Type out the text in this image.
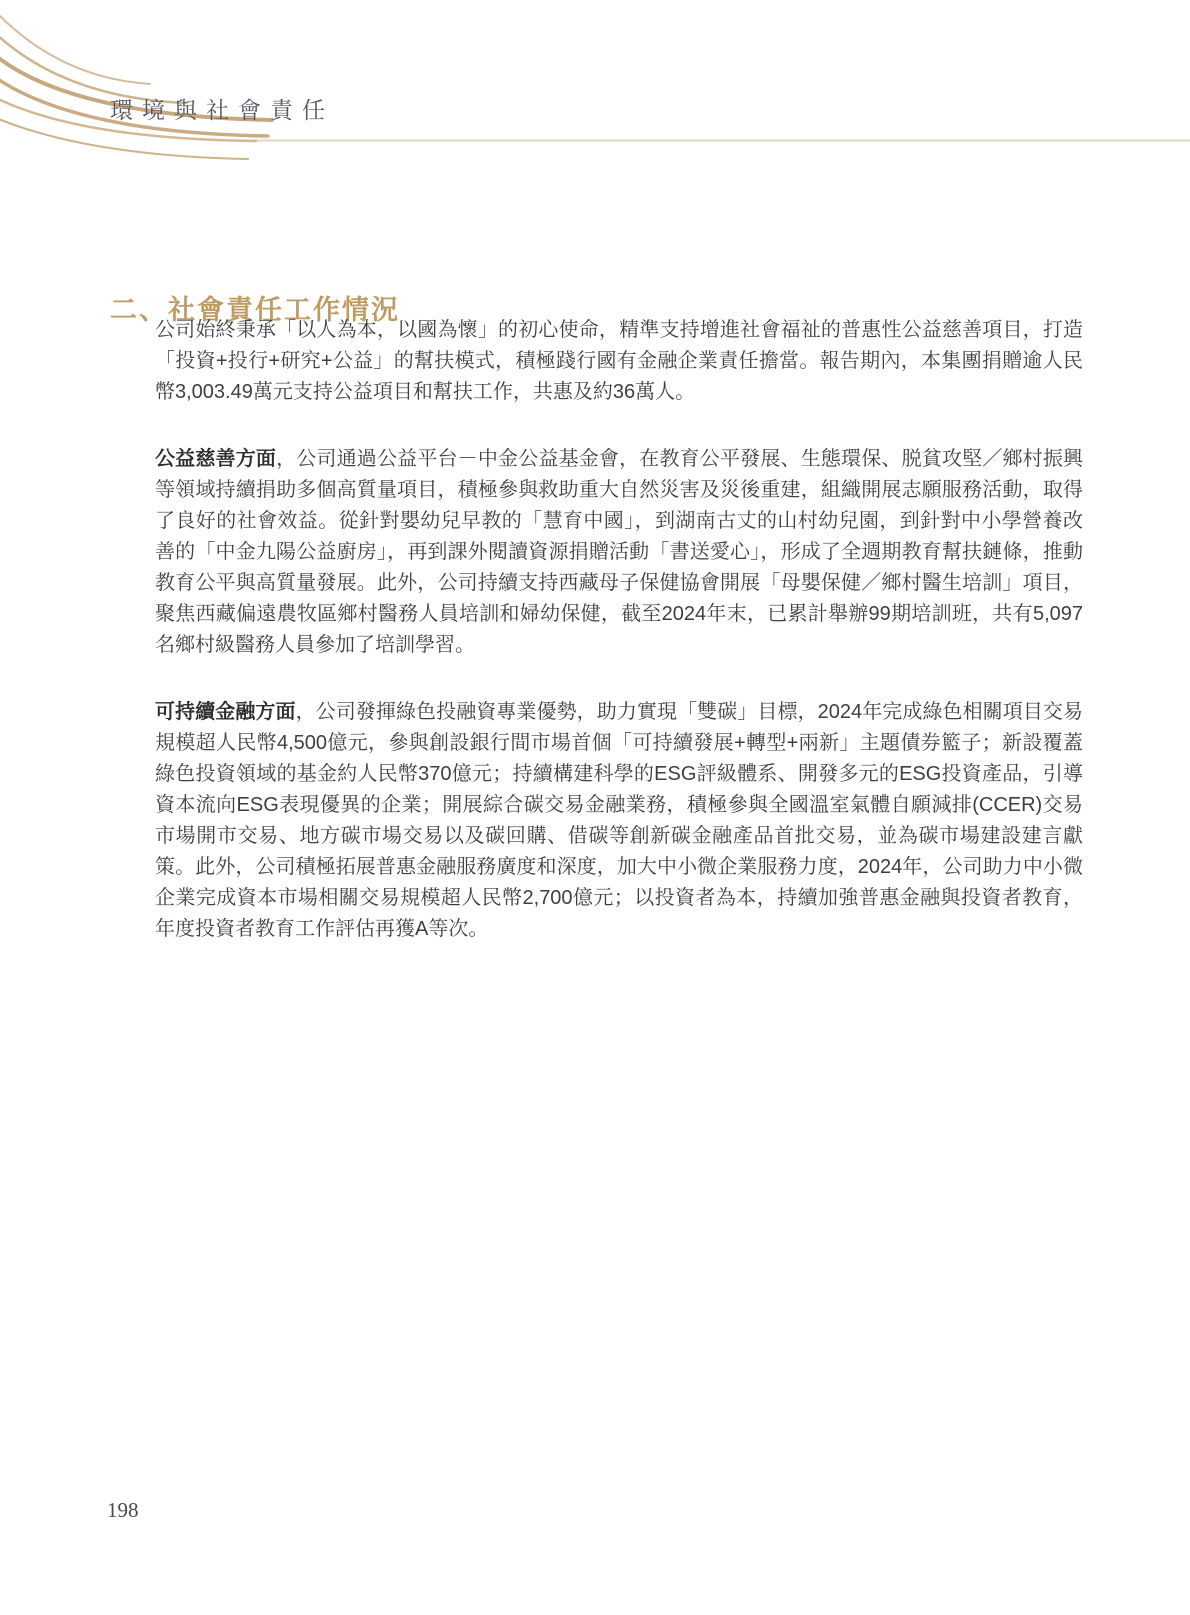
環境與社會責任
二、社會責任工作情況

公司始終秉承「以人為本，以國為懷」的初心使命，精準支持增進社會福祉的普惠性公益慈善項目，打造「投資+投行+研究+公益」的幫扶模式，積極踐行國有金融企業責任擔當。報告期內，本集團捐贈逾人民幣3,003.49萬元支持公益項目和幫扶工作，共惠及約36萬人。

公益慈善方面，公司通過公益平台－中金公益基金會，在教育公平發展、生態環保、脱貧攻堅／鄉村振興等領域持續捐助多個高質量項目，積極參與救助重大自然災害及災後重建，組織開展志願服務活動，取得了良好的社會效益。從針對嬰幼兒早教的「慧育中國」，到湖南古丈的山村幼兒園，到針對中小學營養改善的「中金九陽公益廚房」，再到課外閱讀資源捐贈活動「書送愛心」，形成了全週期教育幫扶鏈條，推動教育公平與高質量發展。此外，公司持續支持西藏母子保健協會開展「母嬰保健／鄉村醫生培訓」項目，聚焦西藏偏遠農牧區鄉村醫務人員培訓和婦幼保健，截至2024年末，已累計舉辦99期培訓班，共有5,097名鄉村級醫務人員參加了培訓學習。

可持續金融方面，公司發揮綠色投融資專業優勢，助力實現「雙碳」目標，2024年完成綠色相關項目交易規模超人民幣4,500億元，參與創設銀行間市場首個「可持續發展+轉型+兩新」主題債券籃子；新設覆蓋綠色投資領域的基金約人民幣370億元；持續構建科學的ESG評級體系、開發多元的ESG投資產品，引導資本流向ESG表現優異的企業；開展綜合碳交易金融業務，積極參與全國溫室氣體自願減排(CCER)交易市場開市交易、地方碳市場交易以及碳回購、借碳等創新碳金融產品首批交易，並為碳市場建設建言獻策。此外，公司積極拓展普惠金融服務廣度和深度，加大中小微企業服務力度，2024年，公司助力中小微企業完成資本市場相關交易規模超人民幣2,700億元；以投資者為本，持續加強普惠金融與投資者教育，年度投資者教育工作評估再獲A等次。

198
